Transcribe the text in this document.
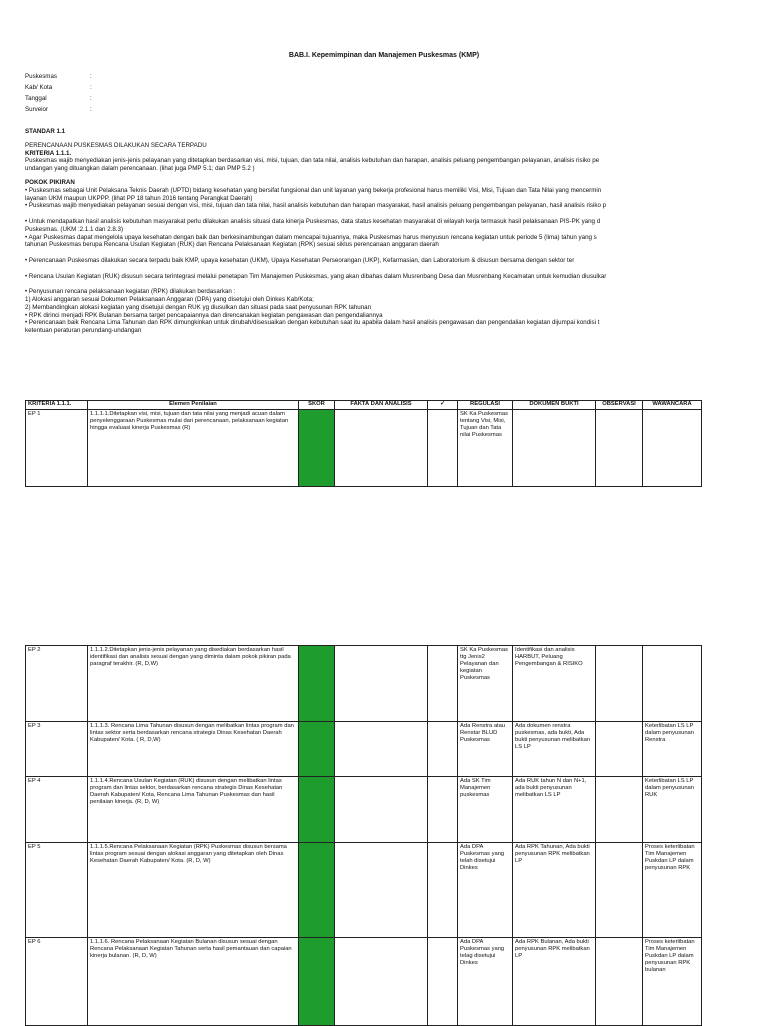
BAB.I. Kepemimpinan dan Manajemen Puskesmas (KMP)
Puskesmas	:
Kab/ Kota	:
Tanggal	:
Surveior	:
STANDAR 1.1
PERENCANAAN PUSKESMAS DILAKUKAN SECARA TERPADU
KRITERIA 1.1.1.
Puskesmas wajib menyediakan jenis-jenis pelayanan yang ditetapkan berdasarkan visi, misi, tujuan, dan tata nilai, analisis kebutuhan dan harapan, analisis peluang pengembangan pelayanan, analisis risiko pe
undangan yang dituangkan dalam perencanaan. (lihat juga PMP 5.1; dan PMP 5.2 )
POKOK PIKIRAN
• Puskesmas sebagai Unit Pelaksana Teknis Daerah (UPTD) bidang kesehatan yang bersifat fungsional dan unit layanan yang bekerja profesional harus memiliki Visi, Misi, Tujuan dan Tata Nilai yang mencermin
layanan UKM maupun UKPPP. (lihat PP 18 tahun 2016 tentang Perangkat Daerah)
• Puskesmas wajib menyediakan pelayanan sesuai dengan visi, misi, tujuan dan tata nilai, hasil analisis kebutuhan dan harapan masyarakat, hasil analisis peluang pengembangan pelayanan, hasil analisis risiko p
• Untuk mendapatkan hasil analisis kebutuhan masyarakat perlu dilakukan analisis situasi data kinerja Puskesmas, data status kesehatan masyarakat di wilayah kerja termasuk hasil pelaksanaan PIS-PK yang d
Puskesmas. (UKM :2.1.1 dan 2.8.3)
• Agar Puskesmas dapat mengelola upaya kesehatan dengan baik dan berkesinambungan dalam mencapai tujuannya, maka Puskesmas harus menyusun rencana kegiatan untuk periode 5 (lima) tahun yang s
tahunan Puskesmas berupa Rencana Usulan Kegiatan (RUK) dan Rencana Pelaksanaan Kegiatan (RPK) sesuai siklus perencanaan anggaran daerah
• Perencanaan Puskesmas dilakukan secara terpadu baik KMP, upaya kesehatan (UKM), Upaya Kesehatan Perseorangan (UKP), Kefarmasian, dan Laboratorium & disusun bersama dengan sektor ter
• Rencana Usulan Kegiatan (RUK) disusun secara terintegrasi melalui penetapan Tim Manajemen Puskesmas, yang akan dibahas dalam Musrenbang Desa dan Musrenbang Kecamatan untuk kemudian diusulkar
• Penyusunan rencana pelaksanaan kegiatan (RPK) dilakukan berdasarkan :
1) Alokasi anggaran sesuai Dokumen Pelaksanaan Anggaran (DPA) yang disetujui oleh Dinkes Kab/Kota;
2) Membandingkan alokasi kegiatan yang disetujui dengan RUK yg diusulkan dan situasi pada saat penyusunan RPK tahunan
• RPK dirinci menjadi RPK Bulanan bersama target pencapaiannya dan direncanakan kegiatan pengawasan dan pengendaliannya
• Perencanaan baik Rencana Lima Tahunan dan RPK dimungkinkan untuk dirubah/disesuaikan dengan kebutuhan saat itu apabila dalam hasil analisis pengawasan dan pengendalian kegiatan dijumpai kondisi t
ketentuan peraturan perundang-undangan
KRITERIA 1.1.1.	Elemen Penilaian	SKOR	FAKTA DAN ANALISIS	✓	REGULASI	DOKUMEN BUKTI	OBSERVASI	WAWANCARA
EP 1	1.1.1.1.Ditetapkan visi, misi, tujuan dan tata nilai yang menjadi acuan dalam penyelenggaraan Puskesmas mulai dari perencanaan, pelaksanaan kegiatan hingga evaluasi kinerja Puskesmas (R)				SK Ka Puskesmas tentang Visi, Misi, Tujuan dan Tata nilai Puskesmas			
EP 2	1.1.1.2.Ditetapkan jenis-jenis pelayanan yang disediakan berdasarkan hasil identifikasi dan analisis sesuai dengan yang diminta dalam pokok pikiran pada paragraf terakhir. (R, D,W)				SK Ka Puskesmas ttg Jenis2 Pelayanan dan kegiatan Puskesmas	Identifikasi dan analisis HARBUT, Peluang Pengembangan & RISIKO		
EP 3	1.1.1.3. Rencana Lima Tahunan disusun dengan melibatkan lintas program dan lintas sektor serta berdasarkan rencana strategis Dinas Kesehatan Daerah Kabupaten/ Kota. ( R, D,W)				Ada Renstra atau Renstar BLUD Puskesmas	Ada dokumen renstra puskesmas, ada bukti, Ada bukti penyusunan melibatkan LS LP		Keterlibatan LS LP dalam penyusunan Renstra
EP 4	1.1.1.4.Rencana Usulan Kegiatan (RUK) disusun dengan melibatkan lintas program dan lintas sektor, berdasarkan rencana strategis Dinas Kesehatan Daerah Kabupaten/ Kota, Rencana Lima Tahunan Puskesmas dan hasil penilaian kinerja. (R, D, W)				Ada SK Tim Manajemen puskesmas	Ada RUK tahun N dan N+1, ada bukti penyusunan melibatkan LS LP		Keterlibatan LS LP dalam penyusunan RUK
EP 5	1.1.1.5.Rencana Pelaksanaan Kegiatan (RPK) Puskesmas disusun bersama lintas program sesuai dengan alokasi anggaran yang ditetapkan oleh Dinas Kesehatan Daerah Kabupaten/ Kota. (R, D, W)				Ada DPA Puskesmas yang telah disetujui Dinkes	Ada RPK Tahunan, Ada bukti penyusunan RPK melibatkan LP		Proses keterlibatan Tim Manajemen Puskdan LP dalam penyusunan RPK
EP 6	1.1.1.6. Rencana Pelaksanaan Kegiatan Bulanan disusun sesuai dengan Rencana Pelaksanaan Kegiatan Tahunan serta hasil pemantauan dan capaian kinerja bulanan. (R, D, W)				Ada DPA Puskesmas yang telag disetujui Dinkes	Ada RPK Bulanan, Ada bukti penyusunan RPK melibatkan LP		Proses keterlibatan Tim Manajemen Puskdan LP dalam penyusunan RPK bulanan
